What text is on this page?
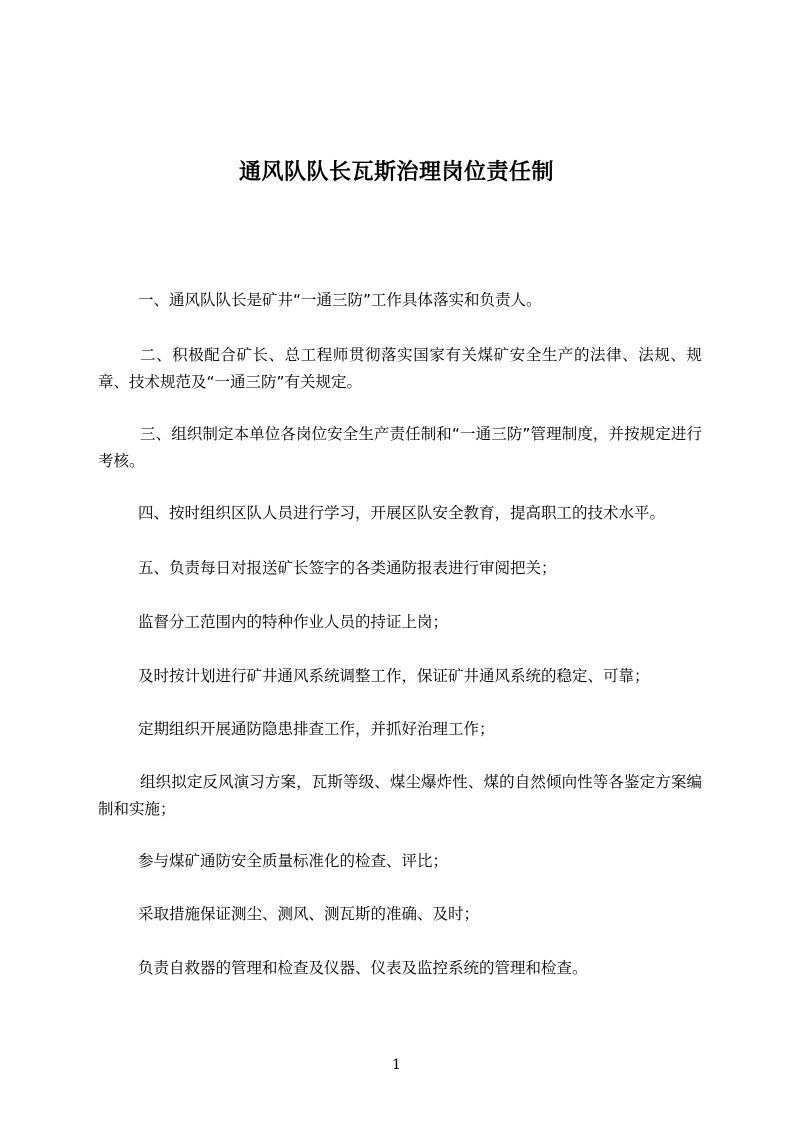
通风队队长瓦斯治理岗位责任制

一、通风队队长是矿井“一通三防”工作具体落实和负责人。

二、积极配合矿长、总工程师贯彻落实国家有关煤矿安全生产的法律、法规、规章、技术规范及“一通三防”有关规定。

三、组织制定本单位各岗位安全生产责任制和“一通三防”管理制度，并按规定进行考核。

四、按时组织区队人员进行学习，开展区队安全教育，提高职工的技术水平。

五、负责每日对报送矿长签字的各类通防报表进行审阅把关；

监督分工范围内的特种作业人员的持证上岗；

及时按计划进行矿井通风系统调整工作，保证矿井通风系统的稳定、可靠；

定期组织开展通防隐患排查工作，并抓好治理工作；

组织拟定反风演习方案，瓦斯等级、煤尘爆炸性、煤的自然倾向性等各鉴定方案编制和实施；

参与煤矿通防安全质量标准化的检查、评比；

采取措施保证测尘、测风、测瓦斯的准确、及时；

负责自救器的管理和检查及仪器、仪表及监控系统的管理和检查。

1
